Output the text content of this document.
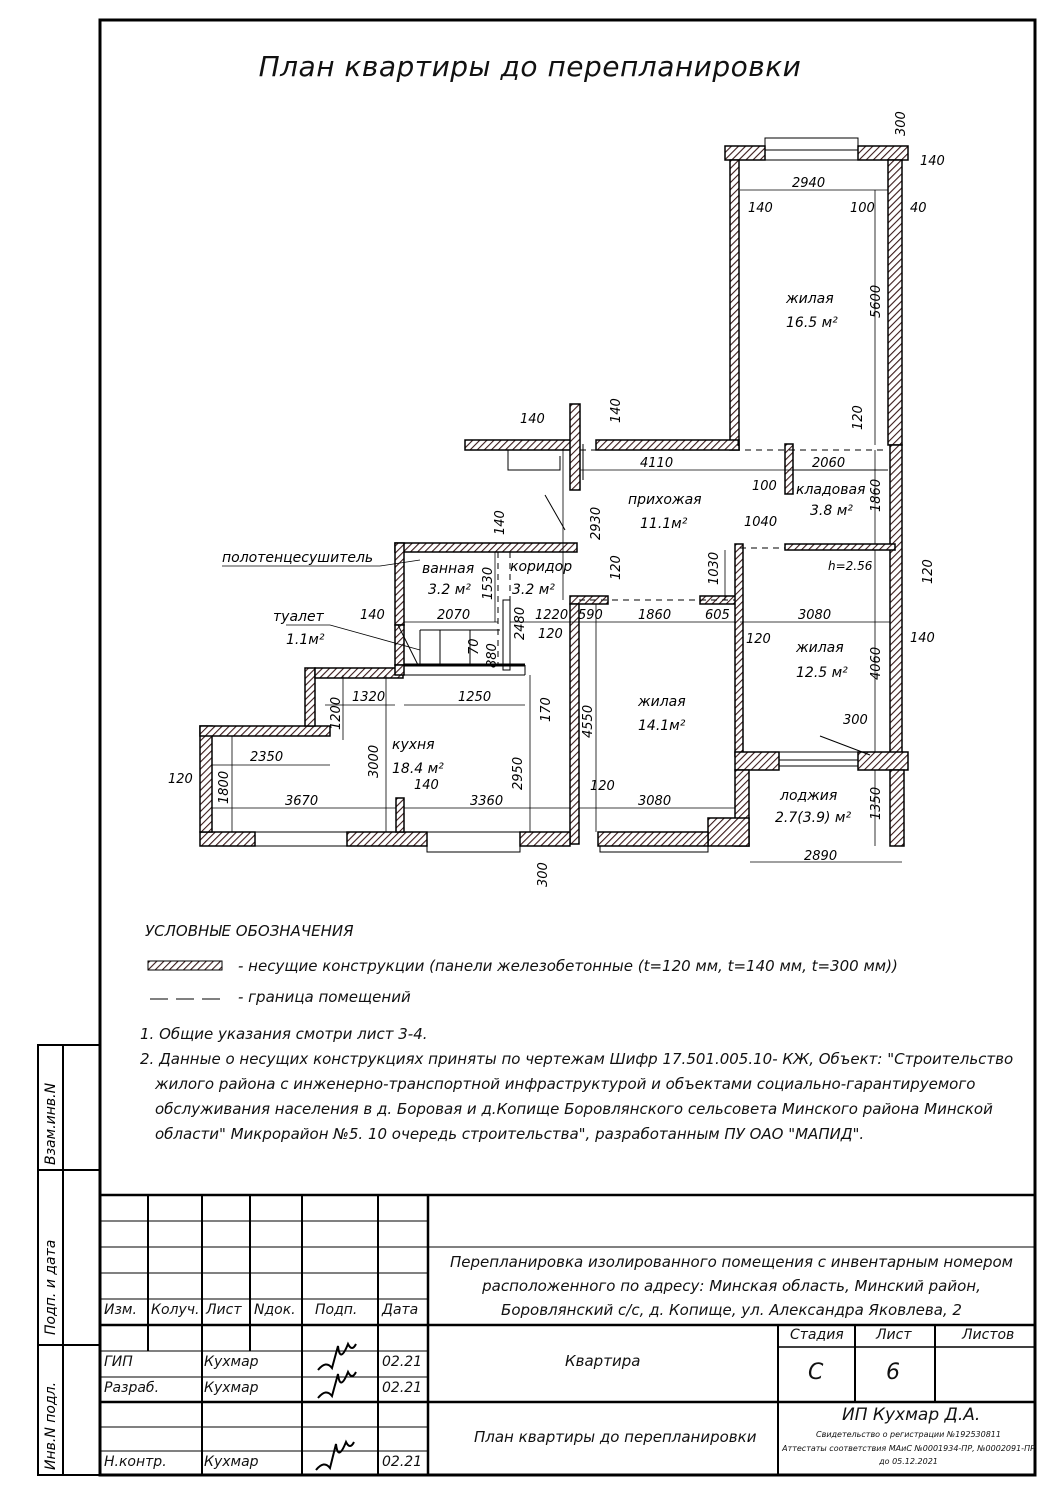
Взам.инв.N
Подп. и дата
Инв.N подл.
жилая
16.5 м²
прихожая
11.1м²
кладовая
3.8 м²
ванная
3.2 м²
коридор
3.2 м²
туалет
1.1м²	жилая
12.5 м²
жилая
14.1м²
кухня
18.4 м²
лоджия
2.7(3.9) м²
полотенцесушитель	h=2.56
300
140
2940
140	100	40
5600
120
140	140
4110	2060
100	1860
2930
140	1040
1030
120
1530
2070
140	1220 590	1860	605	3080
120
2480
70 880
120
4060
140
1320	1250	170
1200	300
2350	3000	2950
4550
140
1800	3670	3360
120
3080	1350
2890
300
120
120
План квартиры до перепланировки
УСЛОВНЫЕ ОБОЗНАЧЕНИЯ
- несущие конструкции (панели железобетонные (t=120 мм, t=140 мм, t=300 мм))
- граница помещений
1. Общие указания смотри лист 3-4.
2. Данные о несущих конструкциях приняты по чертежам Шифр 17.501.005.10- КЖ, Объект: "Строительство
жилого района с инженерно-транспортной инфраструктурой и объектами социально-гарантируемого
обслуживания населения в д. Боровая и д.Копище Боровлянского сельсовета Минского района Минской
области" Микрорайон №5. 10 очередь строительства", разработанным ПУ ОАО "МАПИД".
Перепланировка изолированного помещения с инвентарным номером
расположенного по адресу: Минская область, Минский район,
Боровлянский с/с, д. Копище, ул. Александра Яковлева, 2
Изм. Колуч. Лист Nдок. Подп. Дата
ГИП	Кухмар	02.21
Разраб.	Кухмар	02.21
Н.контр.	Кухмар	02.21
Квартира
План квартиры до перепланировки
Стадия Лист	Листов
С	6
ИП Кухмар Д.А.
Свидетельство о регистрации №192530811
Аттестаты соответствия МАиС №0001934-ПР, №0002091-ПР
до 05.12.2021
